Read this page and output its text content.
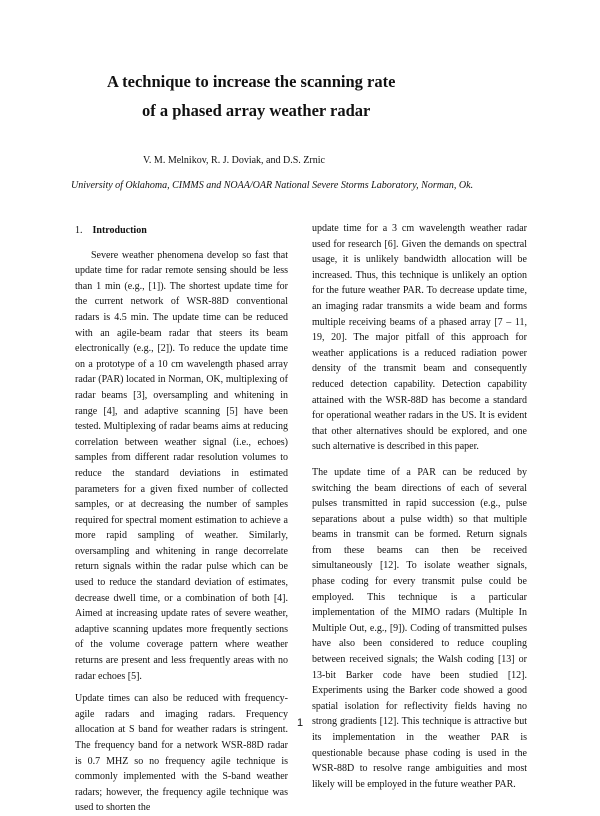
A technique to increase the scanning rate
of a phased array weather radar
V. M. Melnikov, R. J. Doviak, and D.S. Zrnic
University of Oklahoma, CIMMS and NOAA/OAR National Severe Storms Laboratory, Norman, Ok.
1. Introduction

Severe weather phenomena develop so fast that update time for radar remote sensing should be less than 1 min (e.g., [1]). The shortest update time for the current network of WSR-88D conventional radars is 4.5 min. The update time can be reduced with an agile-beam radar that steers its beam electronically (e.g., [2]). To reduce the update time on a prototype of a 10 cm wavelength phased array radar (PAR) located in Norman, OK, multiplexing of radar beams [3], oversampling and whitening in range [4], and adaptive scanning [5] have been tested. Multiplexing of radar beams aims at reducing correlation between weather signal (i.e., echoes) samples from different radar resolution volumes to reduce the standard deviations in estimated parameters for a given fixed number of collected samples, or at decreasing the number of samples required for spectral moment estimation to achieve a more rapid sampling of weather. Similarly, oversampling and whitening in range decorrelate return signals within the radar pulse which can be used to reduce the standard deviation of estimates, decrease dwell time, or a combination of both [4]. Aimed at increasing update rates of severe weather, adaptive scanning updates more frequently sections of the volume coverage pattern where weather returns are present and less frequently areas with no radar echoes [5].

Update times can also be reduced with frequency-agile radars and imaging radars. Frequency allocation at S band for weather radars is stringent. The frequency band for a network WSR-88D radar is 0.7 MHZ so no frequency agile technique is commonly implemented with the S-band weather radars; however, the frequency agile technique was used to shorten the

update time for a 3 cm wavelength weather radar used for research [6]. Given the demands on spectral usage, it is unlikely bandwidth allocation will be increased. Thus, this technique is unlikely an option for the future weather PAR. To decrease update time, an imaging radar transmits a wide beam and forms multiple receiving beams of a phased array [7 – 11, 19, 20]. The major pitfall of this approach for weather applications is a reduced radiation power density of the transmit beam and consequently reduced detection capability. Detection capability attained with the WSR-88D has become a standard for operational weather radars in the US. It is evident that other alternatives should be explored, and one such alternative is described in this paper.

The update time of a PAR can be reduced by switching the beam directions of each of several pulses transmitted in rapid succession (e.g., pulse separations about a pulse width) so that multiple beams in transmit can be formed. Return signals from these beams can then be received simultaneously [12]. To isolate weather signals, phase coding for every transmit pulse could be employed. This technique is a particular implementation of the MIMO radars (Multiple In Multiple Out, e.g., [9]). Coding of transmitted pulses have also been considered to reduce coupling between received signals; the Walsh coding [13] or 13-bit Barker code have been studied [12]. Experiments using the Barker code showed a good spatial isolation for reflectivity fields having no strong gradients [12]. This technique is attractive but its implementation in the weather PAR is questionable because phase coding is used in the WSR-88D to resolve range ambiguities and most likely will be employed in the future weather PAR.

1
